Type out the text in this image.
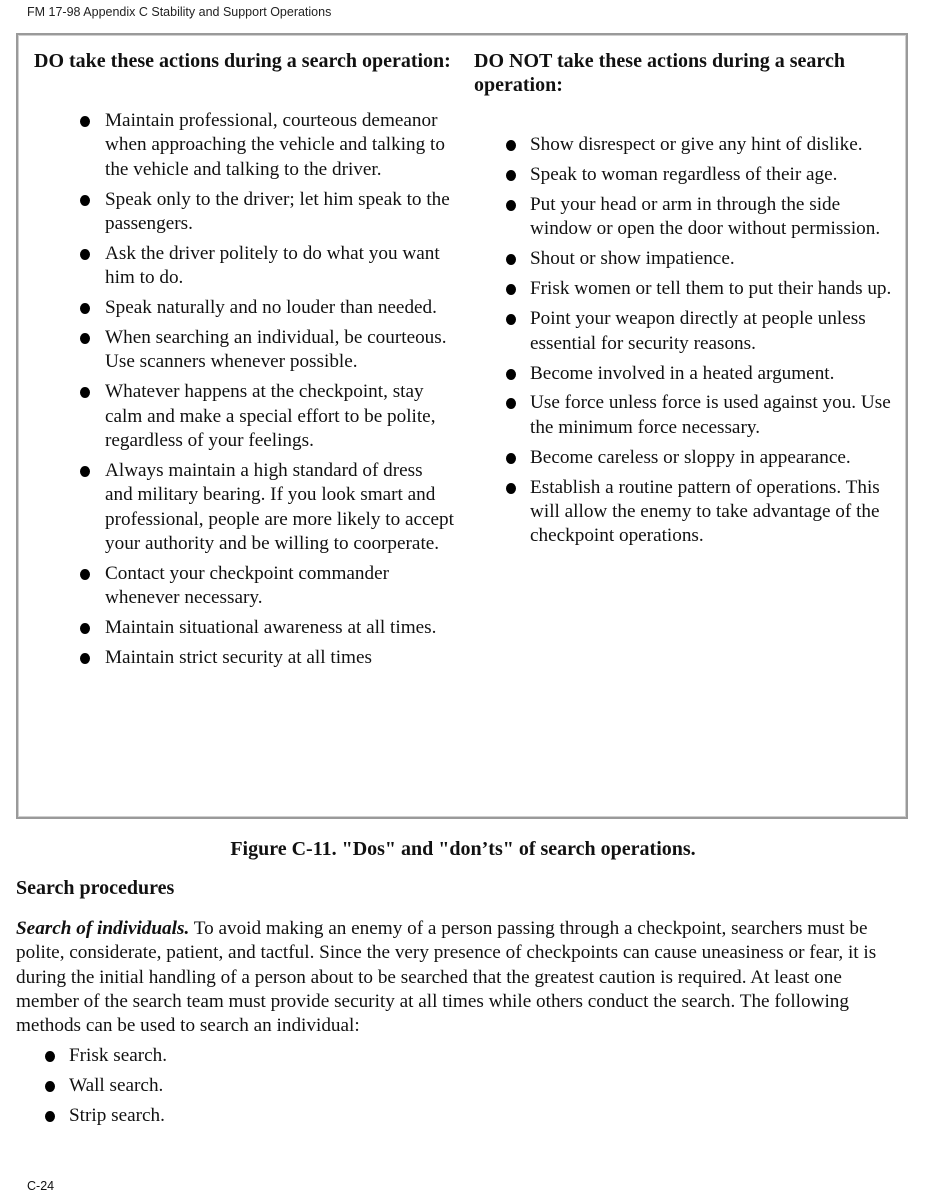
FM 17-98 Appendix C Stability and Support Operations
DO take these actions during a search operation:
Maintain professional, courteous demeanor when approaching the vehicle and talking to the vehicle and talking to the driver.
Speak only to the driver; let him speak to the passengers.
Ask the driver politely to do what you want him to do.
Speak naturally and no louder than needed.
When searching an individual, be courteous. Use scanners whenever possible.
Whatever happens at the checkpoint, stay calm and make a special effort to be polite, regardless of your feelings.
Always maintain a high standard of dress and military bearing. If you look smart and professional, people are more likely to accept your authority and be willing to coorperate.
Contact your checkpoint commander whenever necessary.
Maintain situational awareness at all times.
Maintain strict security at all times
DO NOT take these actions during a search operation:
Show disrespect or give any hint of dislike.
Speak to woman regardless of their age.
Put your head or arm in through the side window or open the door without permission.
Shout or show impatience.
Frisk women or tell them to put their hands up.
Point your weapon directly at people unless essential for security reasons.
Become involved in a heated argument.
Use force unless force is used against you. Use the minimum force necessary.
Become careless or sloppy in appearance.
Establish a routine pattern of operations. This will allow the enemy to take advantage of the checkpoint operations.
Figure C-11. "Dos" and "don’ts" of search operations.
Search procedures

Search of individuals. To avoid making an enemy of a person passing through a checkpoint, searchers must be polite, considerate, patient, and tactful. Since the very presence of checkpoints can cause uneasiness or fear, it is during the initial handling of a person about to be searched that the greatest caution is required. At least one member of the search team must provide security at all times while others conduct the search. The following methods can be used to search an individual:

Frisk search.
Wall search.
Strip search.
C-24
